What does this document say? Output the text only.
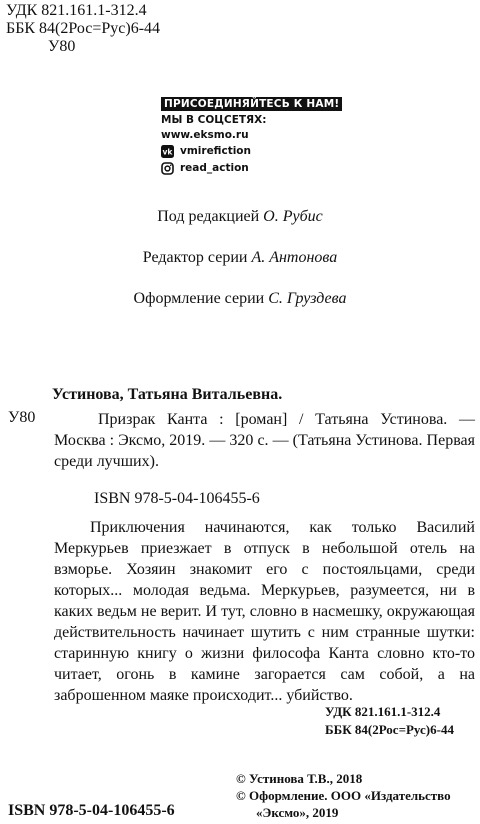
УДК 821.161.1-312.4
ББК 84(2Рос=Рус)6-44
У80
ПРИСОЕДИНЯЙТЕСЬ К НАМ!
МЫ В СОЦСЕТЯХ:
www.eksmo.ru
vk vmirefiction
read_action
Под редакцией О. Рубис
Редактор серии А. Антонова
Оформление серии С. Груздева
Устинова, Татьяна Витальевна.
У80	Призрак Канта : [роман] / Татьяна Устинова. — Москва : Эксмо, 2019. — 320 с. — (Татьяна Устинова. Первая среди лучших).
ISBN 978-5-04-106455-6
Приключения начинаются, как только Василий Меркурьев приезжает в отпуск в небольшой отель на взморье. Хозяин знакомит его с постояльцами, среди которых... молодая ведьма. Меркурьев, разумеется, ни в каких ведьм не верит. И тут, словно в насмешку, окружающая действительность начинает шутить с ним странные шутки: старинную книгу о жизни философа Канта словно кто-то читает, огонь в камине загорается сам собой, а на заброшенном маяке происходит... убийство.
УДК 821.161.1-312.4
ББК 84(2Рос=Рус)6-44
© Устинова Т.В., 2018
© Оформление. ООО «Издательство
«Эксмо», 2019
ISBN 978-5-04-106455-6
